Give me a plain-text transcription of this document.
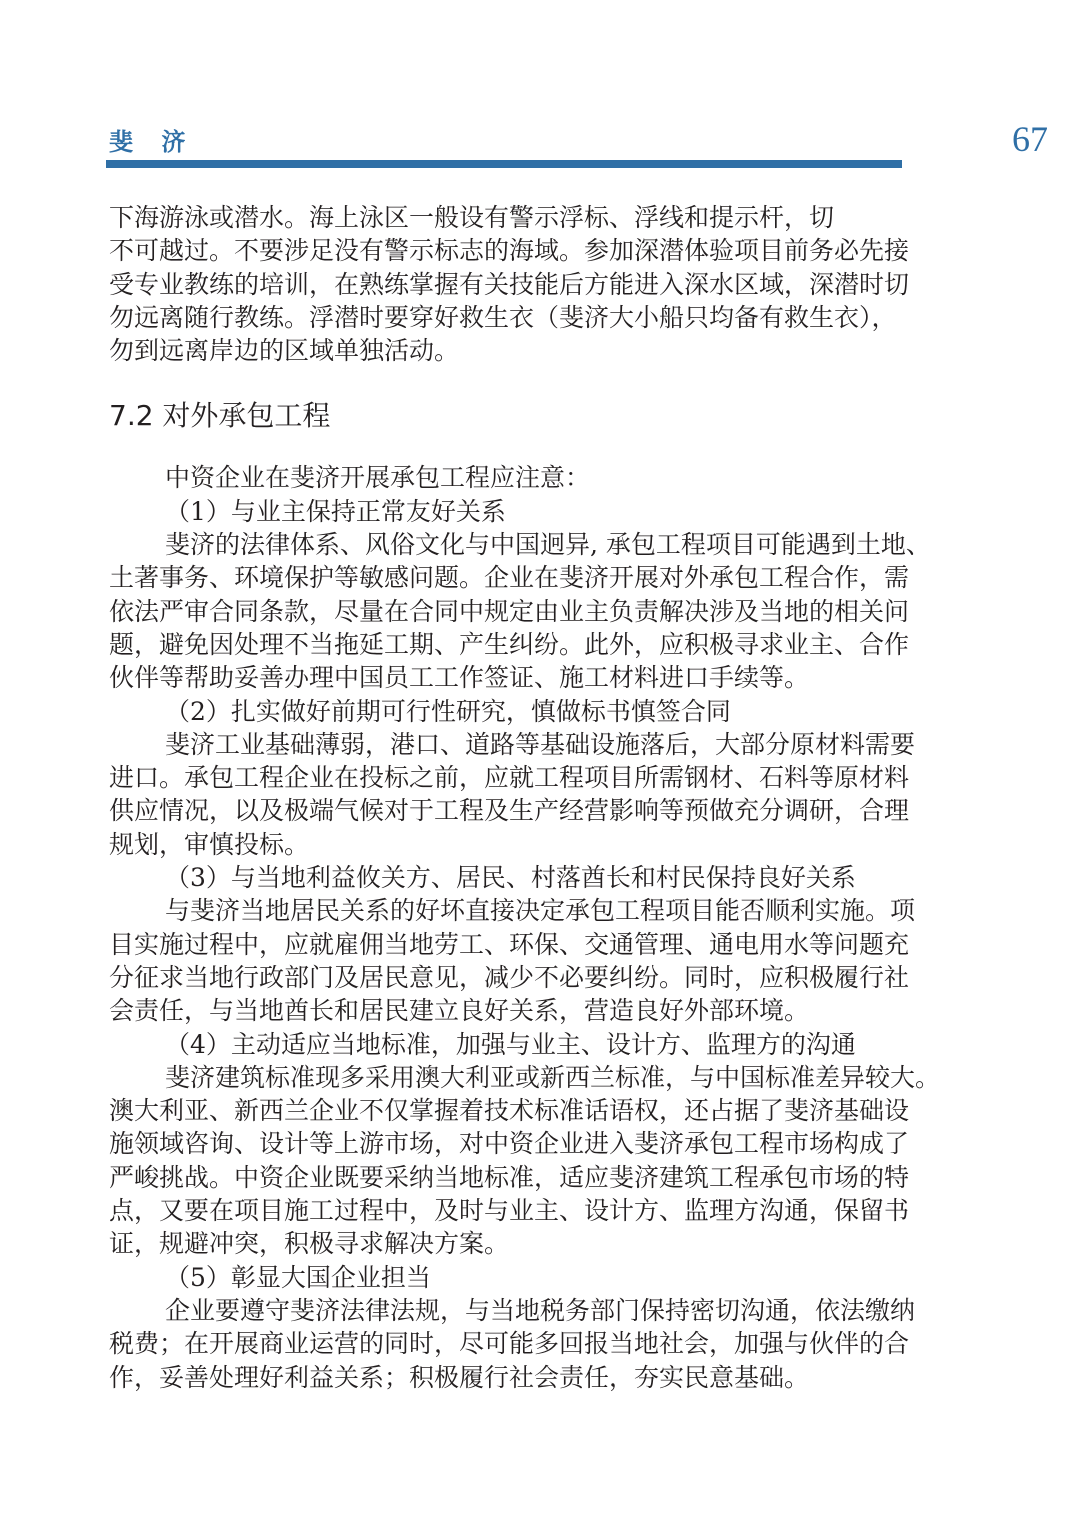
斐 济	67
下海游泳或潜水。海上泳区一般设有警示浮标、浮线和提示杆，切
不可越过。不要涉足没有警示标志的海域。参加深潜体验项目前务必先接
受专业教练的培训，在熟练掌握有关技能后方能进入深水区域，深潜时切
勿远离随行教练。浮潜时要穿好救生衣（斐济大小船只均备有救生衣），
勿到远离岸边的区域单独活动。
7.2 对外承包工程
中资企业在斐济开展承包工程应注意：
（1）与业主保持正常友好关系
斐济的法律体系、风俗文化与中国迥异, 承包工程项目可能遇到土地、
土著事务、环境保护等敏感问题。企业在斐济开展对外承包工程合作，需
依法严审合同条款，尽量在合同中规定由业主负责解决涉及当地的相关问
题，避免因处理不当拖延工期、产生纠纷。此外，应积极寻求业主、合作
伙伴等帮助妥善办理中国员工工作签证、施工材料进口手续等。
（2）扎实做好前期可行性研究，慎做标书慎签合同
斐济工业基础薄弱，港口、道路等基础设施落后，大部分原材料需要
进口。承包工程企业在投标之前，应就工程项目所需钢材、石料等原材料
供应情况，以及极端气候对于工程及生产经营影响等预做充分调研，合理
规划，审慎投标。
（3）与当地利益攸关方、居民、村落酋长和村民保持良好关系
与斐济当地居民关系的好坏直接决定承包工程项目能否顺利实施。项
目实施过程中，应就雇佣当地劳工、环保、交通管理、通电用水等问题充
分征求当地行政部门及居民意见，减少不必要纠纷。同时，应积极履行社
会责任，与当地酋长和居民建立良好关系，营造良好外部环境。
（4）主动适应当地标准，加强与业主、设计方、监理方的沟通
斐济建筑标准现多采用澳大利亚或新西兰标准，与中国标准差异较大。
澳大利亚、新西兰企业不仅掌握着技术标准话语权，还占据了斐济基础设
施领域咨询、设计等上游市场，对中资企业进入斐济承包工程市场构成了
严峻挑战。中资企业既要采纳当地标准，适应斐济建筑工程承包市场的特
点，又要在项目施工过程中，及时与业主、设计方、监理方沟通，保留书
证，规避冲突，积极寻求解决方案。
（5）彰显大国企业担当
企业要遵守斐济法律法规，与当地税务部门保持密切沟通，依法缴纳
税费；在开展商业运营的同时，尽可能多回报当地社会，加强与伙伴的合
作，妥善处理好利益关系；积极履行社会责任，夯实民意基础。
